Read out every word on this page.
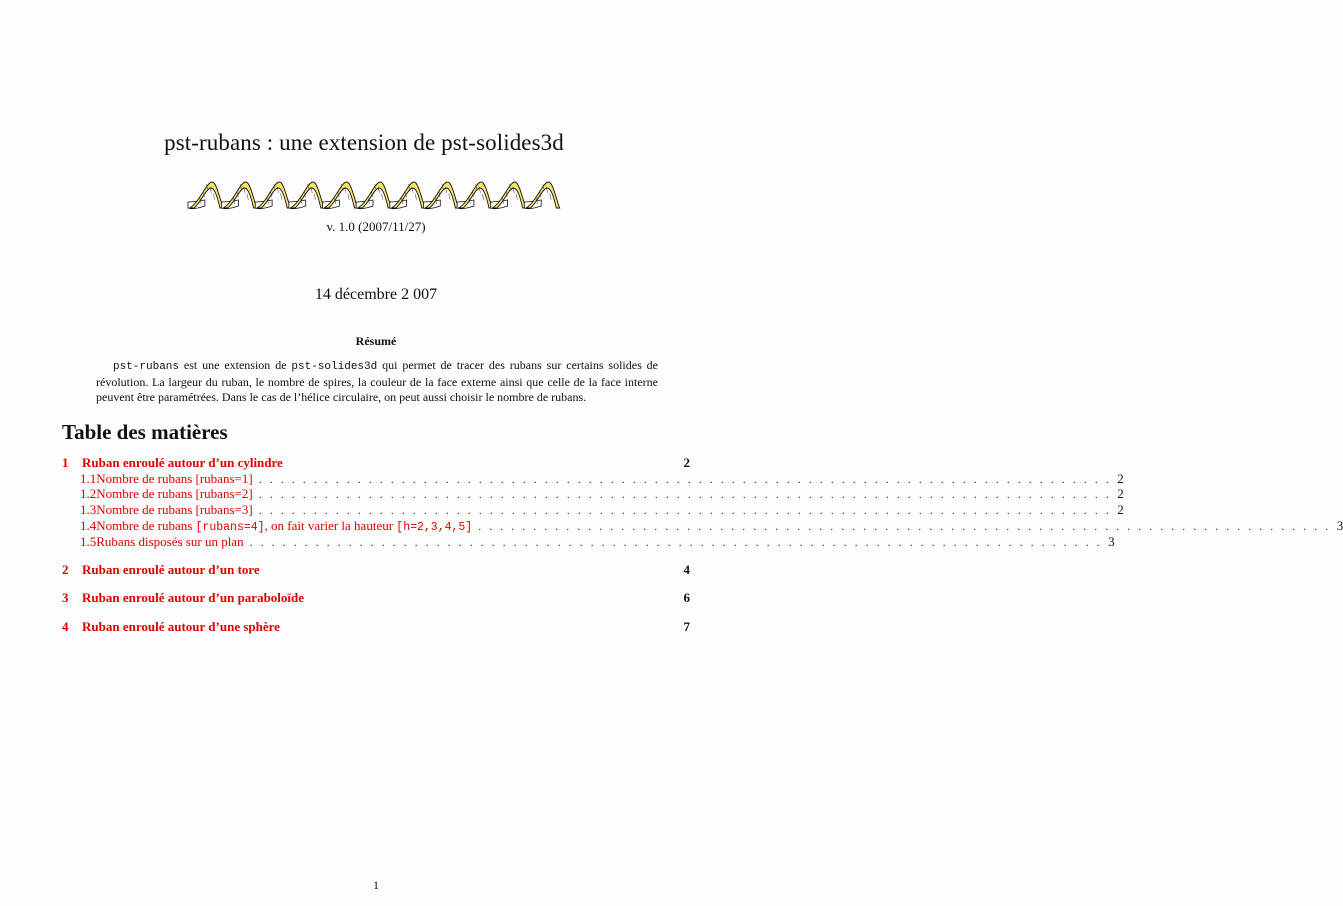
pst-rubans : une extension de pst-solides3d
v. 1.0 (2007/11/27)
14 décembre 2 007
Résumé
pst-rubans est une extension de pst-solides3d qui permet de tracer des rubans sur certains solides de révolution. La largeur du ruban, le nombre de spires, la couleur de la face externe ainsi que celle de la face interne peuvent être paramétrées. Dans le cas de l’hélice circulaire, on peut aussi choisir le nombre de rubans.
Table des matières
1	Ruban enroulé autour d’un cylindre	2
1.1 Nombre de rubans [rubans=1] . . . . . . . . . . . . . . . . . . . . . . . . . . . . . . . . . . . . . . . . . . . . . . . . . . . . . . . . . . . . . . . . . . . . . . . . . . . . . . 2
1.2 Nombre de rubans [rubans=2] . . . . . . . . . . . . . . . . . . . . . . . . . . . . . . . . . . . . . . . . . . . . . . . . . . . . . . . . . . . . . . . . . . . . . . . . . . . . . . 2
1.3 Nombre de rubans [rubans=3] . . . . . . . . . . . . . . . . . . . . . . . . . . . . . . . . . . . . . . . . . . . . . . . . . . . . . . . . . . . . . . . . . . . . . . . . . . . . . . 2
1.4 Nombre de rubans [rubans=4], on fait varier la hauteur [h=2,3,4,5] . . . . . . . . . . . . . . . . . . . . . . . . . . . . . . . . . . . . . . . . . . . . . . . . . . . . . . . . . . . . . . . . . . . . . . . . . . . . . . 3
1.5 Rubans disposés sur un plan . . . . . . . . . . . . . . . . . . . . . . . . . . . . . . . . . . . . . . . . . . . . . . . . . . . . . . . . . . . . . . . . . . . . . . . . . . . . . . 3
2	Ruban enroulé autour d’un tore	4
3	Ruban enroulé autour d’un paraboloïde	6
4	Ruban enroulé autour d’une sphère	7
1
